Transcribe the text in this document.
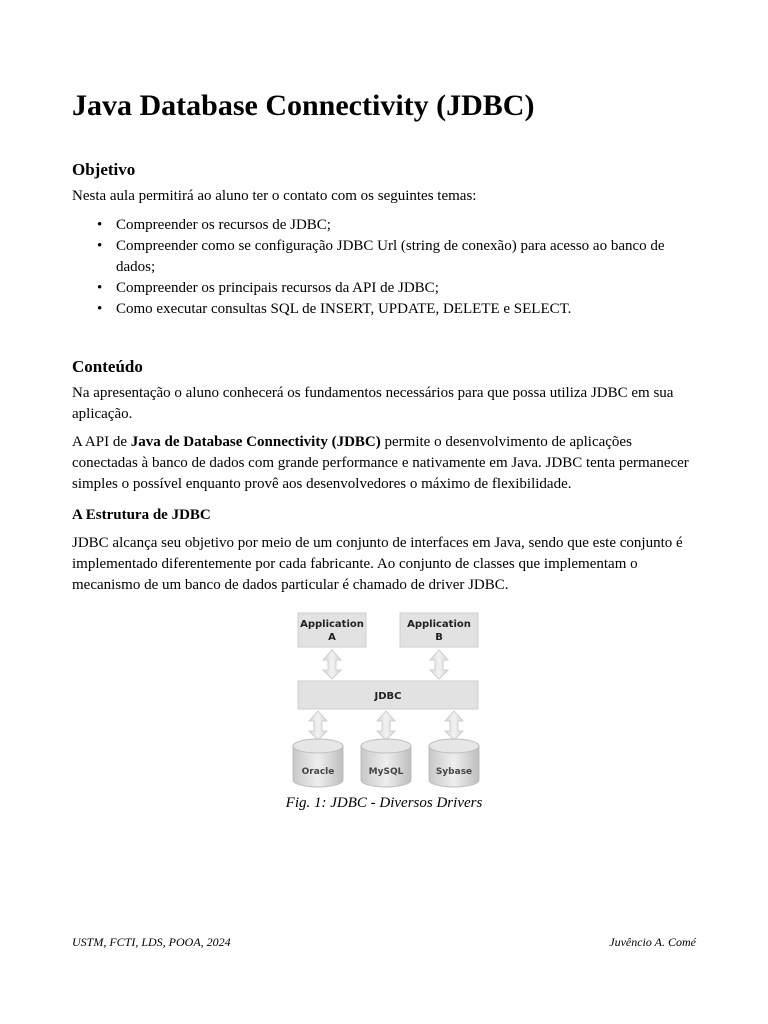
Java Database Connectivity (JDBC)
Objetivo

Nesta aula permitirá ao aluno ter o contato com os seguintes temas:

• Compreender os recursos de JDBC;
• Compreender como se configuração JDBC Url (string de conexão) para acesso ao banco de
dados;
• Compreender os principais recursos da API de JDBC;
• Como executar consultas SQL de INSERT, UPDATE, DELETE e SELECT.
Conteúdo

Na apresentação o aluno conhecerá os fundamentos necessários para que possa utiliza JDBC em sua

aplicação.

A API de Java de Database Connectivity (JDBC) permite o desenvolvimento de aplicações

conectadas à banco de dados com grande performance e nativamente em Java. JDBC tenta permanecer

simples o possível enquanto provê aos desenvolvedores o máximo de flexibilidade.

A Estrutura de JDBC

JDBC alcança seu objetivo por meio de um conjunto de interfaces em Java, sendo que este conjunto é

implementado diferentemente por cada fabricante. Ao conjunto de classes que implementam o

mecanismo de um banco de dados particular é chamado de driver JDBC.

Application
A
Application
B
JDBC
Oracle	MySQL	Sybase
Fig. 1: JDBC - Diversos Drivers
USTM, FCTI, LDS, POOA, 2024	Juvêncio A. Comé
